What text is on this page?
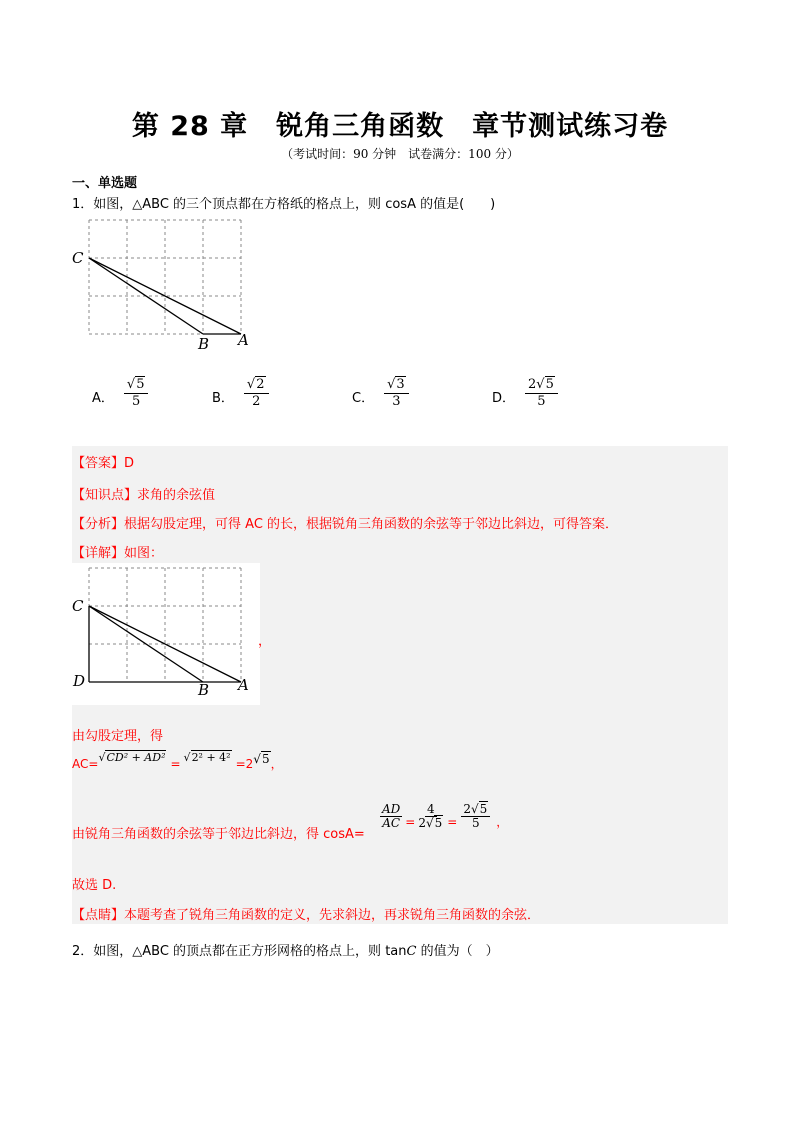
第 28 章　锐角三角函数　章节测试练习卷
（考试时间：90 分钟　试卷满分：100 分）
一、单选题
1．如图，△ABC 的三个顶点都在方格纸的格点上，则 cosA 的值是(　　)
C
B A
A． $\frac{√5}{5}$	B． $\frac{√2}{2}$	C． $\frac{√3}{3}$	D． $\frac{2√5}{5}$
【答案】D
【知识点】求角的余弦值
【分析】根据勾股定理，可得 AC 的长，根据锐角三角函数的余弦等于邻边比斜边，可得答案．
【详解】如图：
C
D	B A
，
由勾股定理，得
AC= √CD² + AD² = √2² + 4² =2 √5 ，
由锐角三角函数的余弦等于邻边比斜边，得 cosA=
$\frac{AD}{AC} = \frac{4}{2√5} = \frac{2√5}{5}$ ，
故选 D.
【点睛】本题考查了锐角三角函数的定义，先求斜边，再求锐角三角函数的余弦．
2．如图，△ABC 的顶点都在正方形网格的格点上，则 tanC 的值为（　）
